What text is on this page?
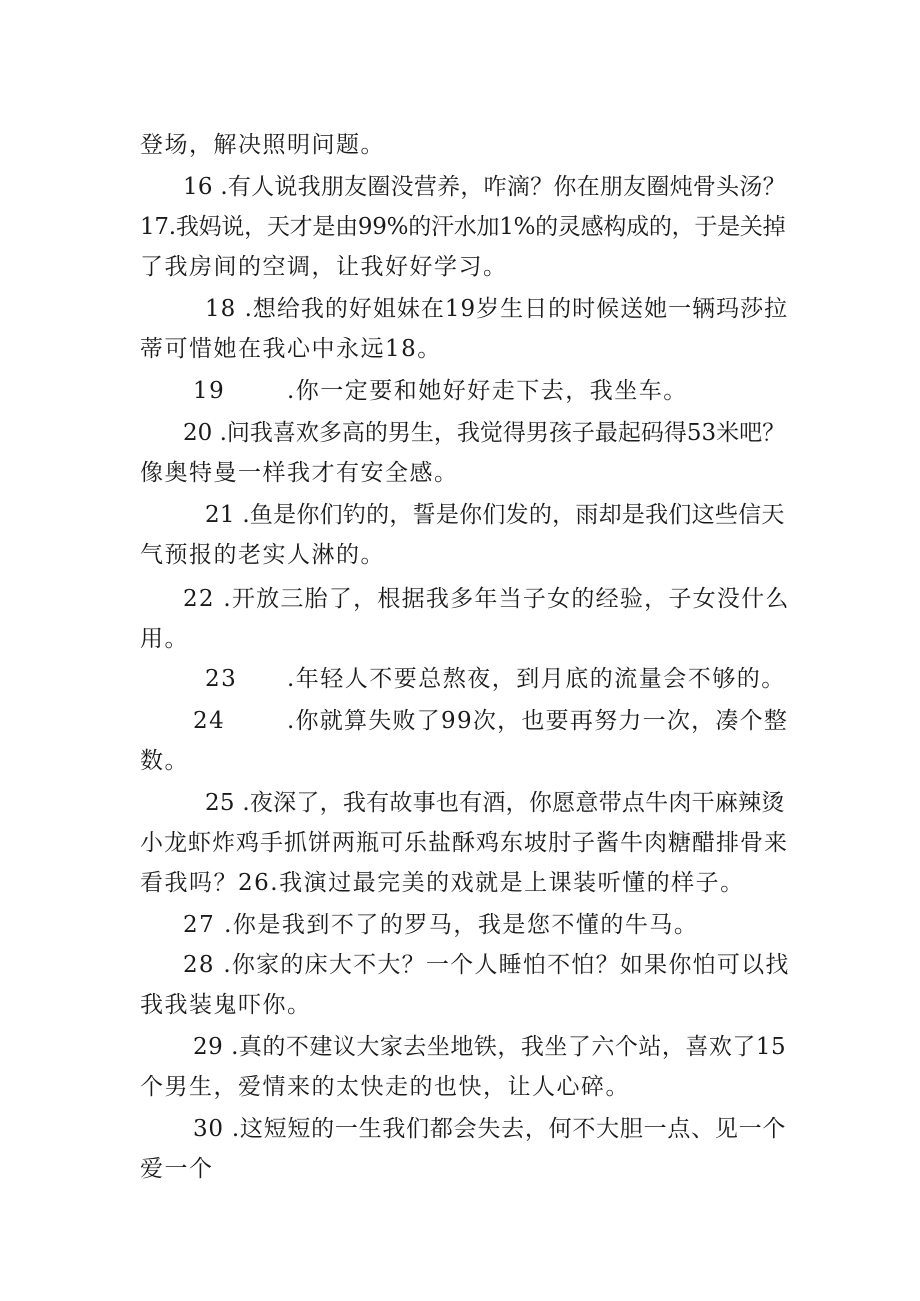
登场，解决照明问题。
16 .有人说我朋友圈没营养，咋滴？你在朋友圈炖骨头汤？
17.我妈说，天才是由99%的汗水加1%的灵感构成的，于是关掉
了我房间的空调，让我好好学习。
18 .想给我的好姐妹在19岁生日的时候送她一辆玛莎拉
蒂可惜她在我心中永远18。
19	.你一定要和她好好走下去，我坐车。
20 .问我喜欢多高的男生，我觉得男孩子最起码得53米吧？
像奥特曼一样我才有安全感。
21 .鱼是你们钓的，誓是你们发的，雨却是我们这些信天
气预报的老实人淋的。
22 .开放三胎了，根据我多年当子女的经验，子女没什么
用。
23 .年轻人不要总熬夜，到月底的流量会不够的。
24	.你就算失败了99次，也要再努力一次，凑个整
数。
25 .夜深了，我有故事也有酒，你愿意带点牛肉干麻辣烫
小龙虾炸鸡手抓饼两瓶可乐盐酥鸡东坡肘子酱牛肉糖醋排骨来
看我吗？26.我演过最完美的戏就是上课装听懂的样子。
27 .你是我到不了的罗马，我是您不懂的牛马。
28 .你家的床大不大？一个人睡怕不怕？如果你怕可以找
我我装鬼吓你。
29 .真的不建议大家去坐地铁，我坐了六个站，喜欢了15
个男生，爱情来的太快走的也快，让人心碎。
30 .这短短的一生我们都会失去，何不大胆一点、见一个
爱一个
